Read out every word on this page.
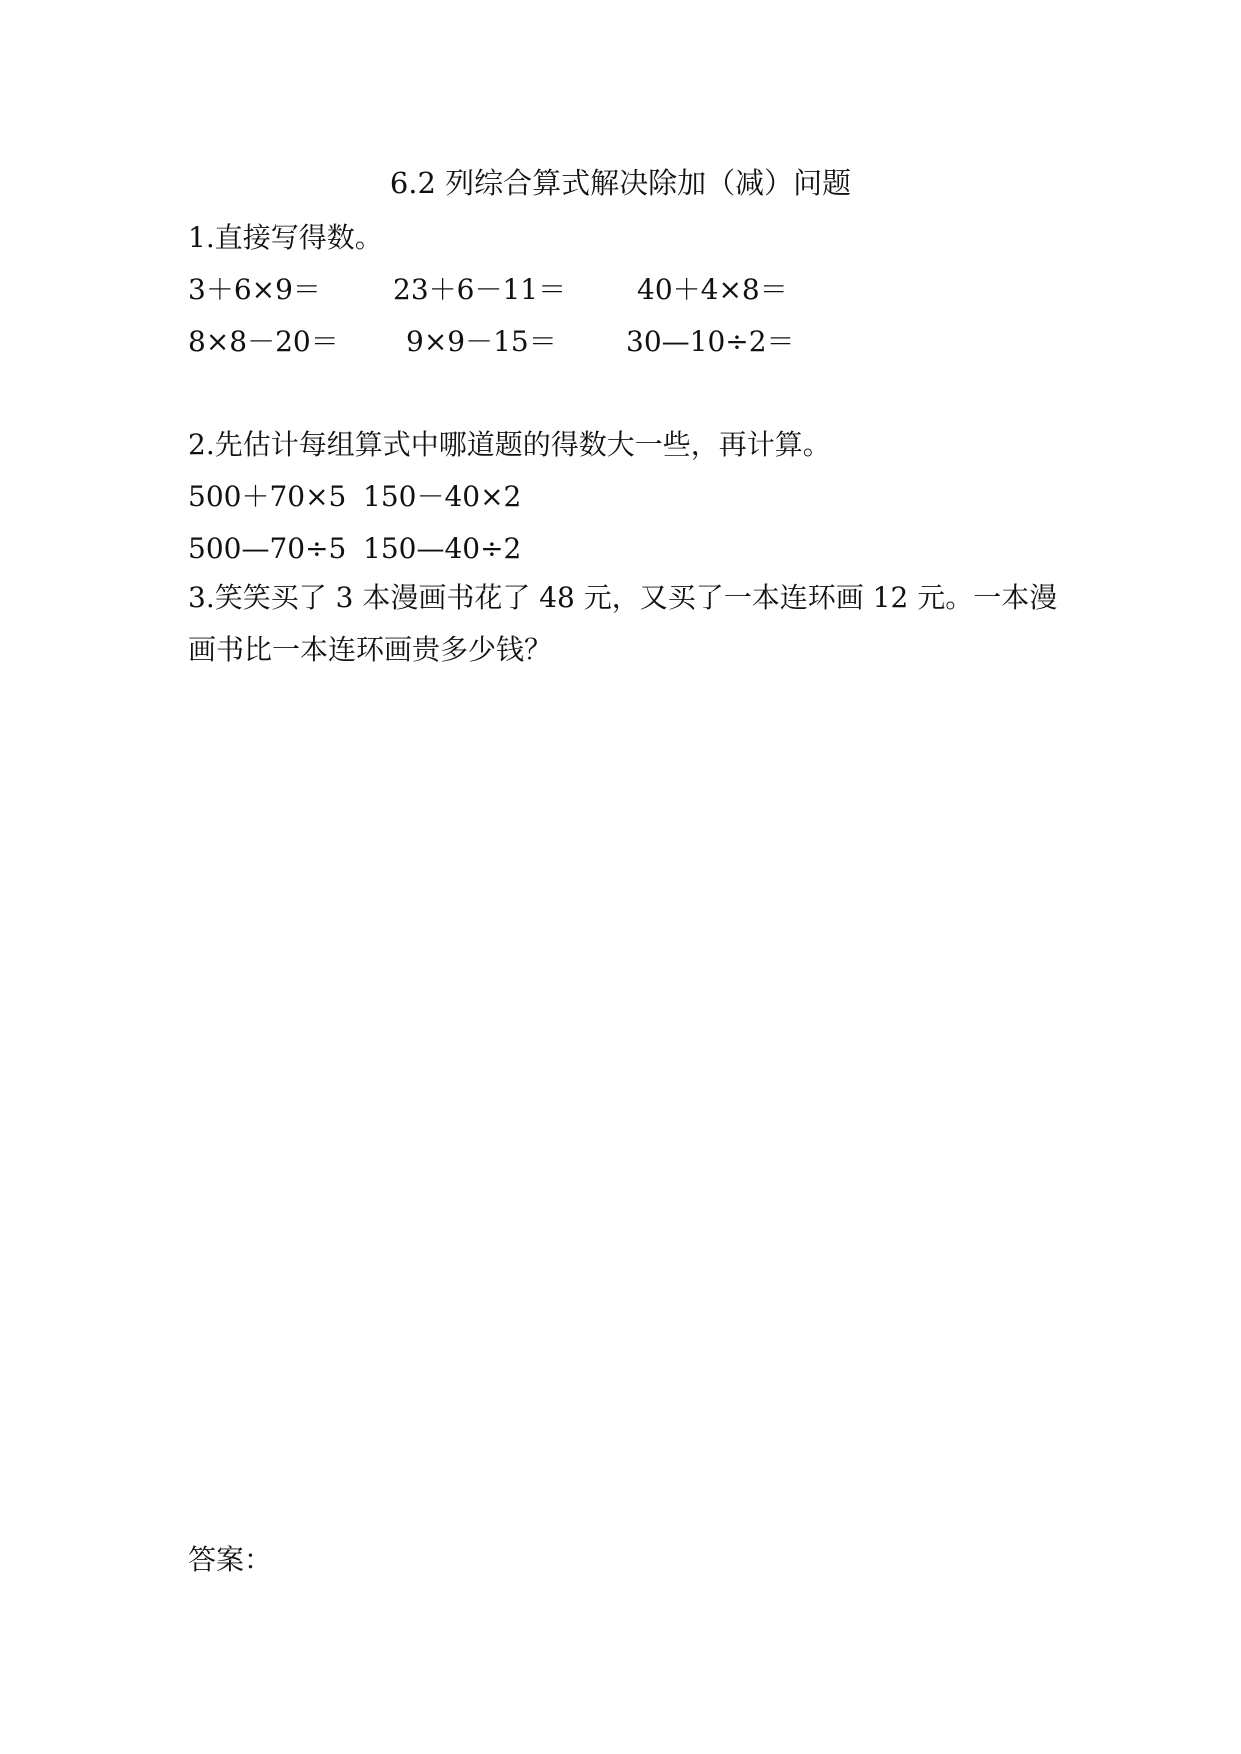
6.2 列综合算式解决除加（减）问题
1.直接写得数。
3＋6×9＝	23＋6－11＝	40＋4×8＝
8×8－20＝ 9×9－15＝ 30—10÷2＝
2.先估计每组算式中哪道题的得数大一些，再计算。
500＋70×5 150－40×2
500—70÷5 150—40÷2
3.笑笑买了 3 本漫画书花了 48 元，又买了一本连环画 12 元。一本漫
画书比一本连环画贵多少钱？
答案：
